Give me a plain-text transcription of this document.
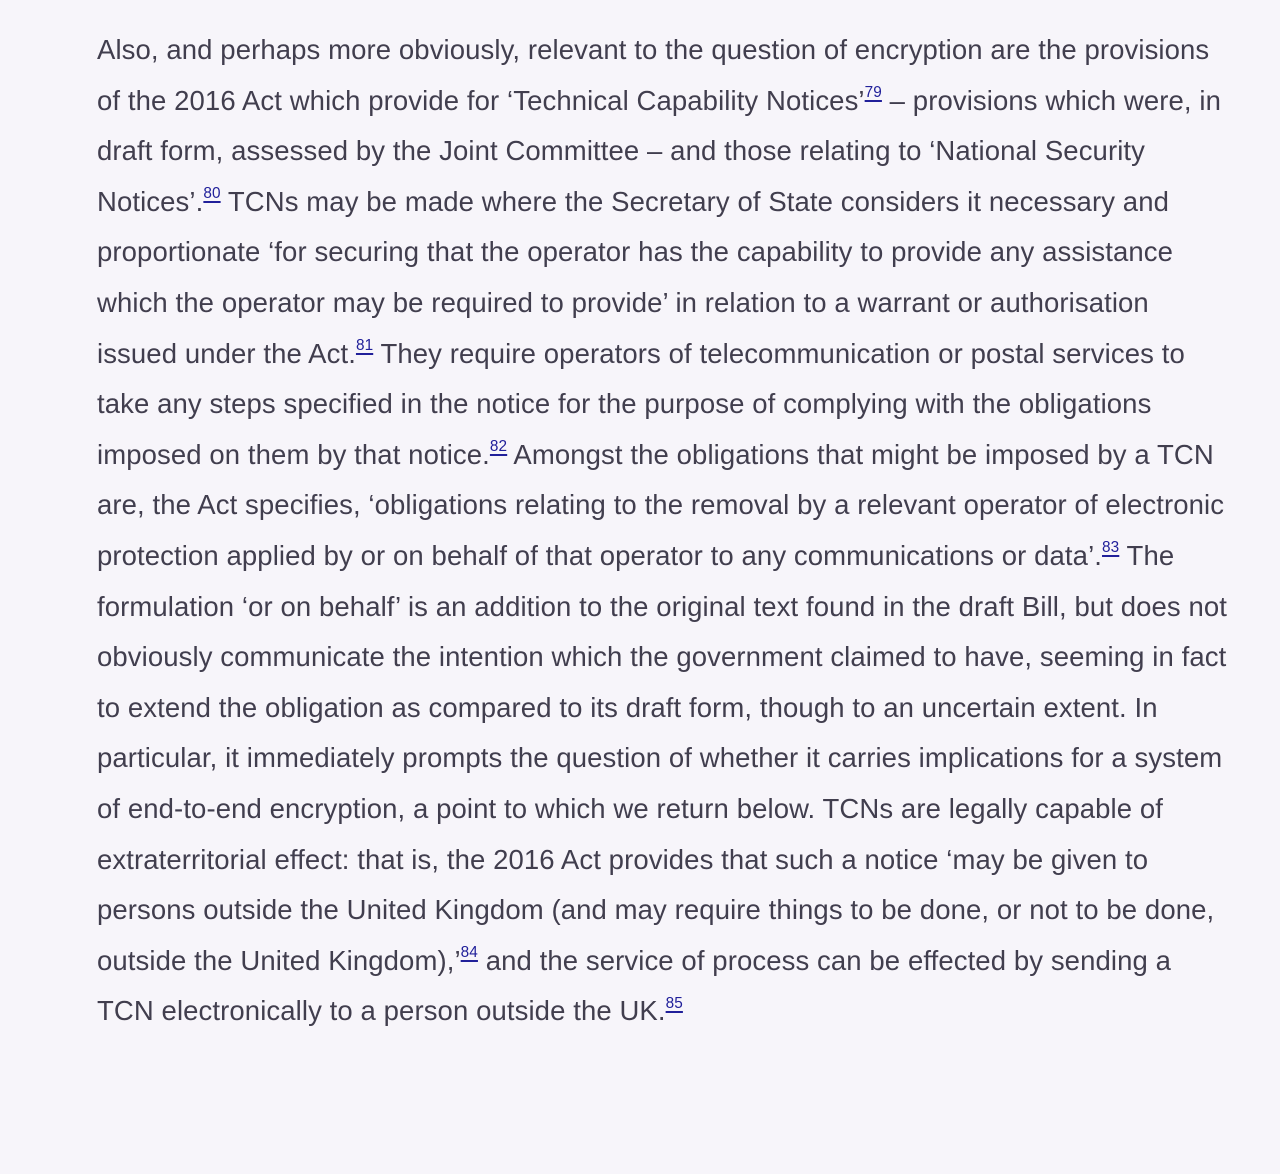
Also, and perhaps more obviously, relevant to the question of encryption are the provisions of the 2016 Act which provide for ‘Technical Capability Notices’$^{79}$ – provisions which were, in draft form, assessed by the Joint Committee – and those relating to ‘National Security Notices’.$^{80}$ TCNs may be made where the Secretary of State considers it necessary and proportionate ‘for securing that the operator has the capability to provide any assistance which the operator may be required to provide’ in relation to a warrant or authorisation issued under the Act.$^{81}$ They require operators of telecommunication or postal services to take any steps specified in the notice for the purpose of complying with the obligations imposed on them by that notice.$^{82}$ Amongst the obligations that might be imposed by a TCN are, the Act specifies, ‘obligations relating to the removal by a relevant operator of electronic protection applied by or on behalf of that operator to any communications or data’.$^{83}$ The formulation ‘or on behalf’ is an addition to the original text found in the draft Bill, but does not obviously communicate the intention which the government claimed to have, seeming in fact to extend the obligation as compared to its draft form, though to an uncertain extent. In particular, it immediately prompts the question of whether it carries implications for a system of end-to-end encryption, a point to which we return below. TCNs are legally capable of extraterritorial effect: that is, the 2016 Act provides that such a notice ‘may be given to persons outside the United Kingdom (and may require things to be done, or not to be done, outside the United Kingdom),’$^{84}$ and the service of process can be effected by sending a TCN electronically to a person outside the UK.$^{85}$
